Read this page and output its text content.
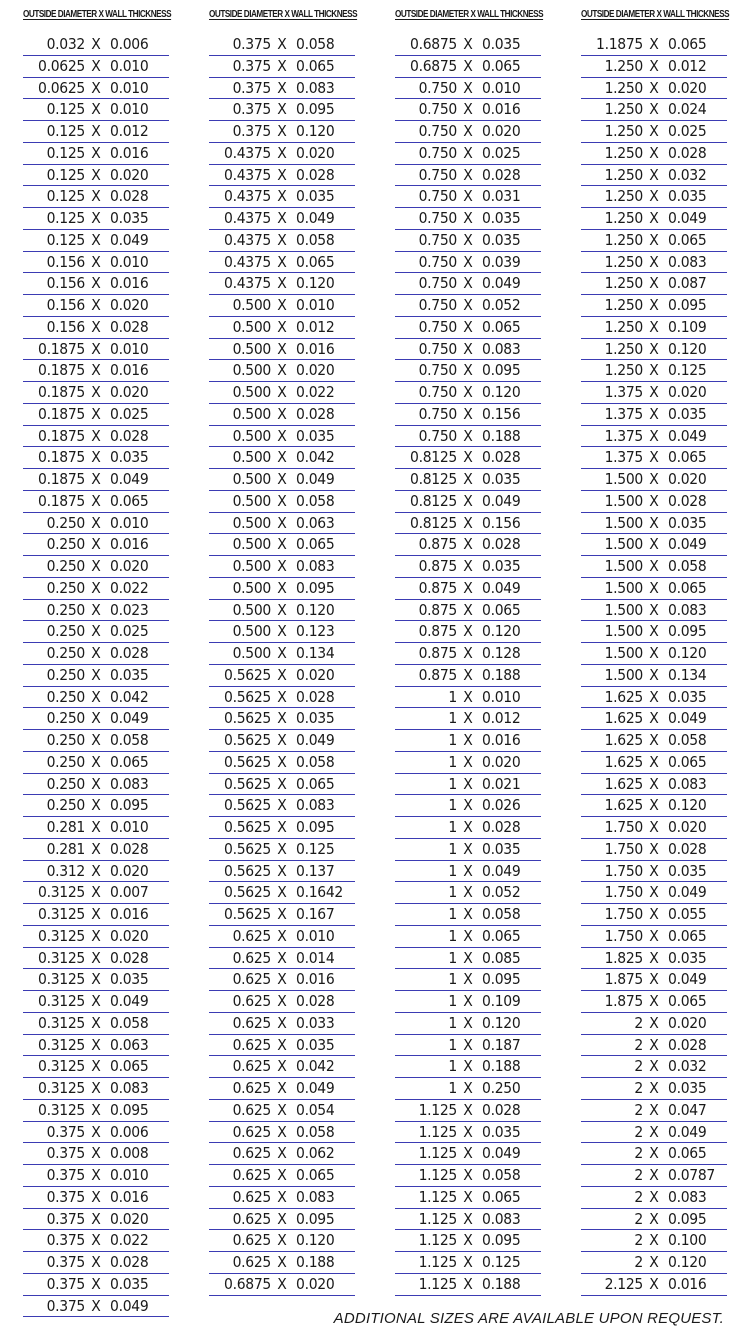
OUTSIDE DIAMETER X WALL THICKNESS
0.032 X 0.006
0.0625 X 0.010
0.0625 X 0.010
0.125 X 0.010
0.125 X 0.012
0.125 X 0.016
0.125 X 0.020
0.125 X 0.028
0.125 X 0.035
0.125 X 0.049
0.156 X 0.010
0.156 X 0.016
0.156 X 0.020
0.156 X 0.028
0.1875 X 0.010
0.1875 X 0.016
0.1875 X 0.020
0.1875 X 0.025
0.1875 X 0.028
0.1875 X 0.035
0.1875 X 0.049
0.1875 X 0.065
0.250 X 0.010
0.250 X 0.016
0.250 X 0.020
0.250 X 0.022
0.250 X 0.023
0.250 X 0.025
0.250 X 0.028
0.250 X 0.035
0.250 X 0.042
0.250 X 0.049
0.250 X 0.058
0.250 X 0.065
0.250 X 0.083
0.250 X 0.095
0.281 X 0.010
0.281 X 0.028
0.312 X 0.020
0.3125 X 0.007
0.3125 X 0.016
0.3125 X 0.020
0.3125 X 0.028
0.3125 X 0.035
0.3125 X 0.049
0.3125 X 0.058
0.3125 X 0.063
0.3125 X 0.065
0.3125 X 0.083
0.3125 X 0.095
0.375 X 0.006
0.375 X 0.008
0.375 X 0.010
0.375 X 0.016
0.375 X 0.020
0.375 X 0.022
0.375 X 0.028
0.375 X 0.035
0.375 X 0.049
OUTSIDE DIAMETER X WALL THICKNESS
0.375 X 0.058
0.375 X 0.065
0.375 X 0.083
0.375 X 0.095
0.375 X 0.120
0.4375 X 0.020
0.4375 X 0.028
0.4375 X 0.035
0.4375 X 0.049
0.4375 X 0.058
0.4375 X 0.065
0.4375 X 0.120
0.500 X 0.010
0.500 X 0.012
0.500 X 0.016
0.500 X 0.020
0.500 X 0.022
0.500 X 0.028
0.500 X 0.035
0.500 X 0.042
0.500 X 0.049
0.500 X 0.058
0.500 X 0.063
0.500 X 0.065
0.500 X 0.083
0.500 X 0.095
0.500 X 0.120
0.500 X 0.123
0.500 X 0.134
0.5625 X 0.020
0.5625 X 0.028
0.5625 X 0.035
0.5625 X 0.049
0.5625 X 0.058
0.5625 X 0.065
0.5625 X 0.083
0.5625 X 0.095
0.5625 X 0.125
0.5625 X 0.137
0.5625 X 0.1642
0.5625 X 0.167
0.625 X 0.010
0.625 X 0.014
0.625 X 0.016
0.625 X 0.028
0.625 X 0.033
0.625 X 0.035
0.625 X 0.042
0.625 X 0.049
0.625 X 0.054
0.625 X 0.058
0.625 X 0.062
0.625 X 0.065
0.625 X 0.083
0.625 X 0.095
0.625 X 0.120
0.625 X 0.188
0.6875 X 0.020
OUTSIDE DIAMETER X WALL THICKNESS
0.6875 X 0.035
0.6875 X 0.065
0.750 X 0.010
0.750 X 0.016
0.750 X 0.020
0.750 X 0.025
0.750 X 0.028
0.750 X 0.031
0.750 X 0.035
0.750 X 0.035
0.750 X 0.039
0.750 X 0.049
0.750 X 0.052
0.750 X 0.065
0.750 X 0.083
0.750 X 0.095
0.750 X 0.120
0.750 X 0.156
0.750 X 0.188
0.8125 X 0.028
0.8125 X 0.035
0.8125 X 0.049
0.8125 X 0.156
0.875 X 0.028
0.875 X 0.035
0.875 X 0.049
0.875 X 0.065
0.875 X 0.120
0.875 X 0.128
0.875 X 0.188
1 X 0.010
1 X 0.012
1 X 0.016
1 X 0.020
1 X 0.021
1 X 0.026
1 X 0.028
1 X 0.035
1 X 0.049
1 X 0.052
1 X 0.058
1 X 0.065
1 X 0.085
1 X 0.095
1 X 0.109
1 X 0.120
1 X 0.187
1 X 0.188
1 X 0.250
1.125 X 0.028
1.125 X 0.035
1.125 X 0.049
1.125 X 0.058
1.125 X 0.065
1.125 X 0.083
1.125 X 0.095
1.125 X 0.125
1.125 X 0.188
OUTSIDE DIAMETER X WALL THICKNESS
1.1875 X 0.065
1.250 X 0.012
1.250 X 0.020
1.250 X 0.024
1.250 X 0.025
1.250 X 0.028
1.250 X 0.032
1.250 X 0.035
1.250 X 0.049
1.250 X 0.065
1.250 X 0.083
1.250 X 0.087
1.250 X 0.095
1.250 X 0.109
1.250 X 0.120
1.250 X 0.125
1.375 X 0.020
1.375 X 0.035
1.375 X 0.049
1.375 X 0.065
1.500 X 0.020
1.500 X 0.028
1.500 X 0.035
1.500 X 0.049
1.500 X 0.058
1.500 X 0.065
1.500 X 0.083
1.500 X 0.095
1.500 X 0.120
1.500 X 0.134
1.625 X 0.035
1.625 X 0.049
1.625 X 0.058
1.625 X 0.065
1.625 X 0.083
1.625 X 0.120
1.750 X 0.020
1.750 X 0.028
1.750 X 0.035
1.750 X 0.049
1.750 X 0.055
1.750 X 0.065
1.825 X 0.035
1.875 X 0.049
1.875 X 0.065
2 X 0.020
2 X 0.028
2 X 0.032
2 X 0.035
2 X 0.047
2 X 0.049
2 X 0.065
2 X 0.0787
2 X 0.083
2 X 0.095
2 X 0.100
2 X 0.120
2.125 X 0.016
ADDITIONAL SIZES ARE AVAILABLE UPON REQUEST.
